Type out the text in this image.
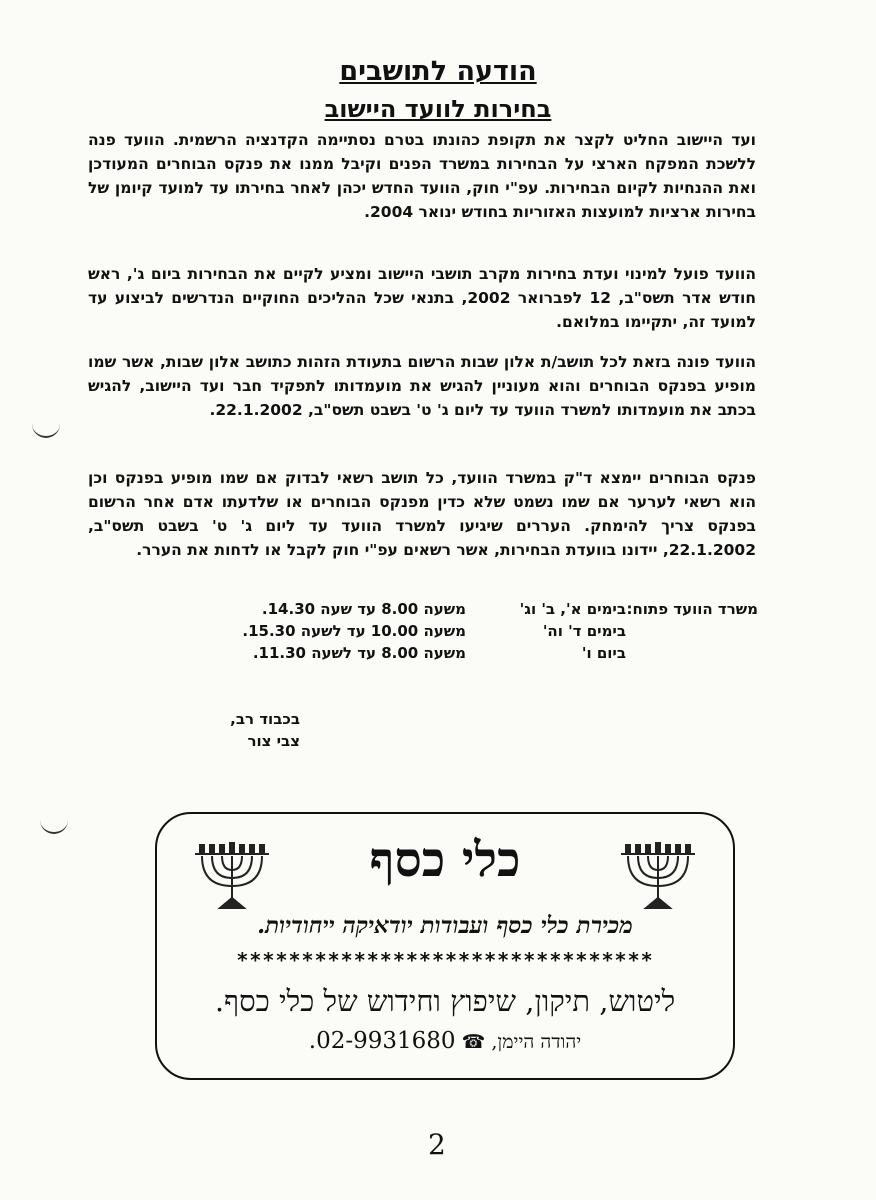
הודעה לתושבים
בחירות לוועד היישוב

ועד היישוב החליט לקצר את תקופת כהונתו בטרם נסתיימה הקדנציה הרשמית. הוועד פנה ללשכת המפקח הארצי על הבחירות במשרד הפנים וקיבל ממנו את פנקס הבוחרים המעודכן ואת ההנחיות לקיום הבחירות. עפ"י חוק, הוועד החדש יכהן לאחר בחירתו עד למועד קיומן של בחירות ארציות למועצות האזוריות בחודש ינואר 2004.

הוועד פועל למינוי ועדת בחירות מקרב תושבי היישוב ומציע לקיים את הבחירות ביום ג', ראש חודש אדר תשס"ב, 12 לפברואר 2002, בתנאי שכל ההליכים החוקיים הנדרשים לביצוע עד למועד זה, יתקיימו במלואם.

הוועד פונה בזאת לכל תושב/ת אלון שבות הרשום בתעודת הזהות כתושב אלון שבות, אשר שמו מופיע בפנקס הבוחרים והוא מעוניין להגיש את מועמדותו לתפקיד חבר ועד היישוב, להגיש בכתב את מועמדותו למשרד הוועד עד ליום ג' ט' בשבט תשס"ב, 22.1.2002.

פנקס הבוחרים יימצא ד"ק במשרד הוועד, כל תושב רשאי לבדוק אם שמו מופיע בפנקס וכן הוא רשאי לערער אם שמו נשמט שלא כדין מפנקס הבוחרים או שלדעתו אדם אחר הרשום בפנקס צריך להימחק. העררים שיגיעו למשרד הוועד עד ליום ג' ט' בשבט תשס"ב, 22.1.2002, יידונו בוועדת הבחירות, אשר רשאים עפ"י חוק לקבל או לדחות את הערר.

משרד הוועד פתוח:
בימים א', ב' וג'
משעה 8.00 עד שעה 14.30.
בימים ד' וה'
משעה 10.00 עד לשעה 15.30.
ביום ו'
משעה 8.00 עד לשעה 11.30.
בכבוד רב,
צבי צור
כלי כסף
מכירת כלי כסף ועבודות יודאיקה ייחודיות.
********************************
ליטוש, תיקון, שיפוץ וחידוש של כלי כסף.
יהודה היימן, ☎ 02-9931680.
2
